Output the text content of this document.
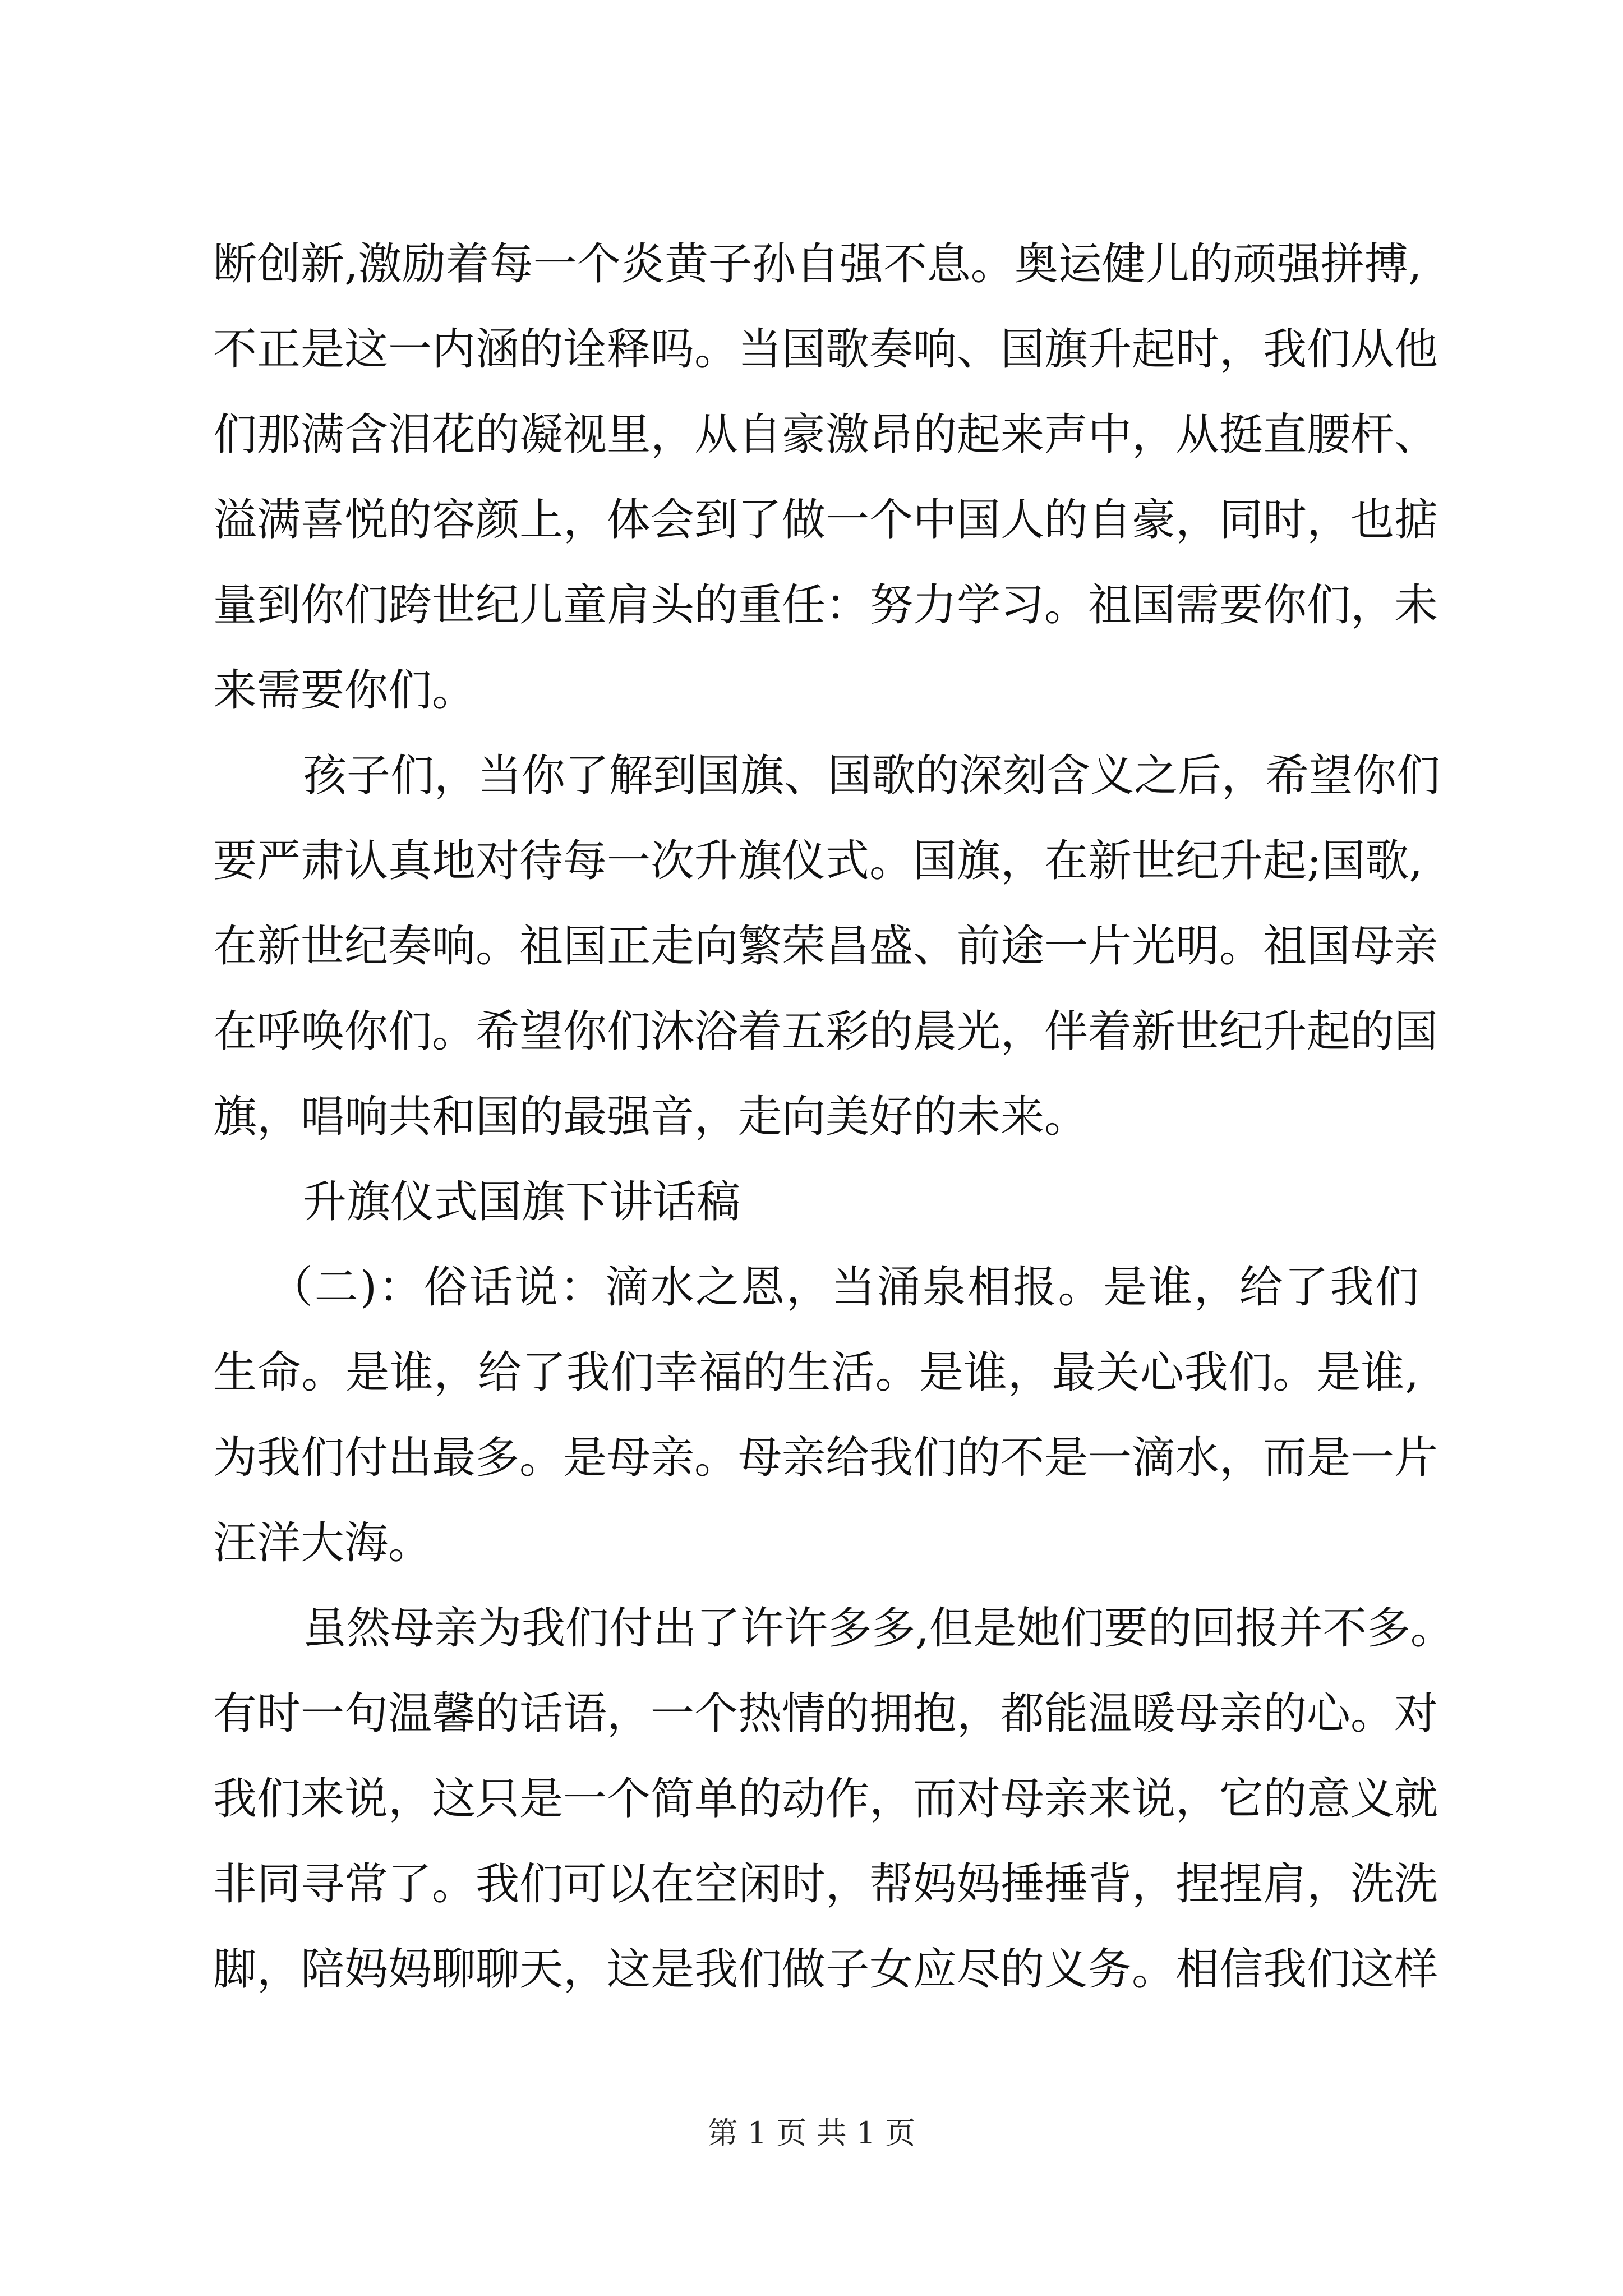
断创新,激励着每一个炎黄子孙自强不息。奥运健儿的顽强拼搏,
不正是这一内涵的诠释吗。当国歌奏响、国旗升起时，我们从他
们那满含泪花的凝视里，从自豪激昂的起来声中，从挺直腰杆、
溢满喜悦的容颜上，体会到了做一个中国人的自豪，同时，也掂
量到你们跨世纪儿童肩头的重任：努力学习。祖国需要你们，未
来需要你们。
孩子们，当你了解到国旗、国歌的深刻含义之后，希望你们
要严肃认真地对待每一次升旗仪式。国旗，在新世纪升起;国歌,
在新世纪奏响。祖国正走向繁荣昌盛、前途一片光明。祖国母亲
在呼唤你们。希望你们沐浴着五彩的晨光，伴着新世纪升起的国
旗，唱响共和国的最强音，走向美好的未来。
升旗仪式国旗下讲话稿
（二)：俗话说：滴水之恩，当涌泉相报。是谁，给了我们
生命。是谁，给了我们幸福的生活。是谁，最关心我们。是谁,
为我们付出最多。是母亲。母亲给我们的不是一滴水，而是一片
汪洋大海。
虽然母亲为我们付出了许许多多,但是她们要的回报并不多。
有时一句温馨的话语，一个热情的拥抱，都能温暖母亲的心。对
我们来说，这只是一个简单的动作，而对母亲来说，它的意义就
非同寻常了。我们可以在空闲时，帮妈妈捶捶背，捏捏肩，洗洗
脚，陪妈妈聊聊天，这是我们做子女应尽的义务。相信我们这样
第 1 页 共 1 页
